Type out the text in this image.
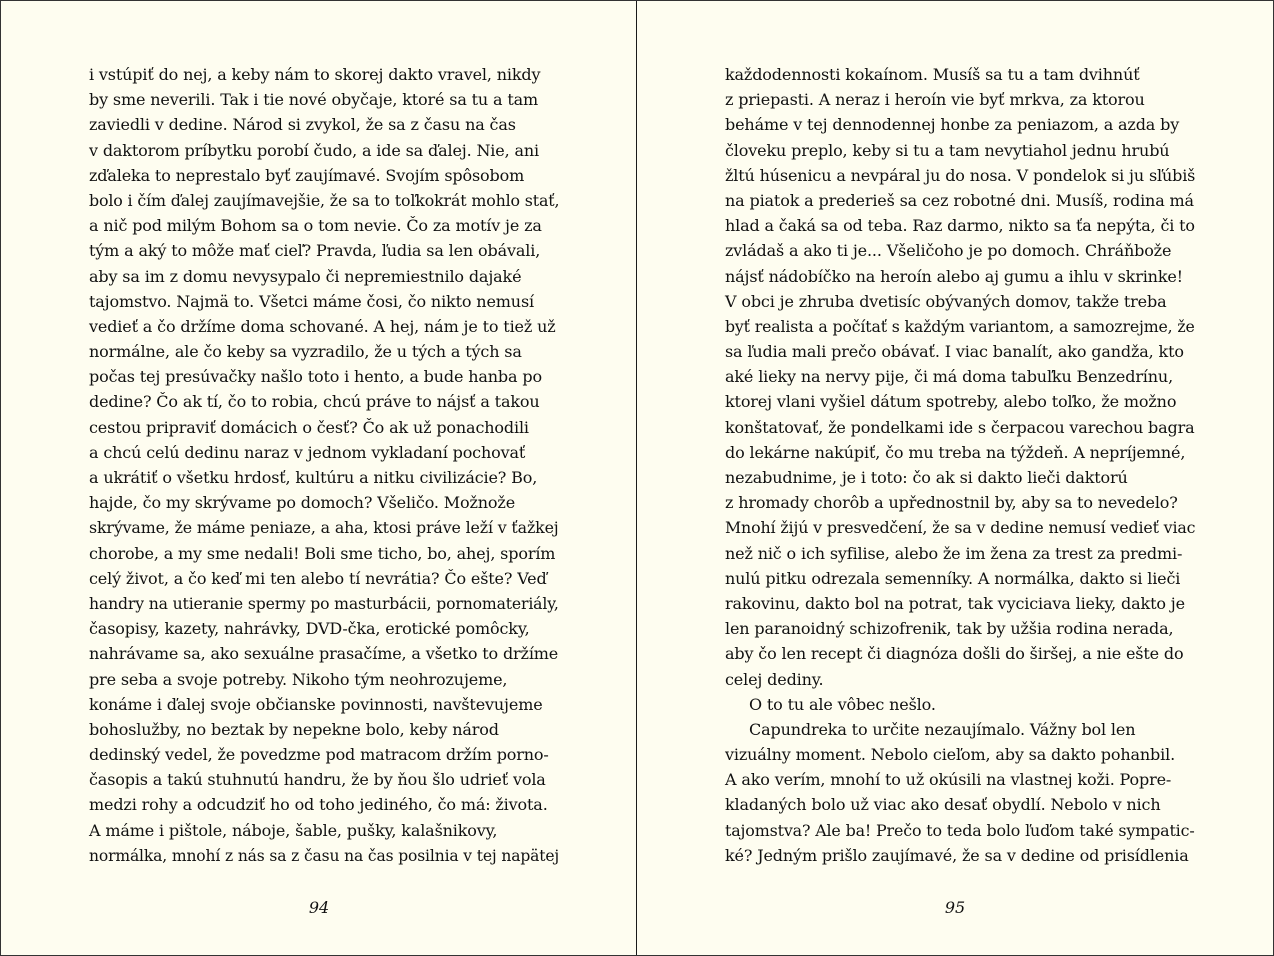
i vstúpiť do nej, a keby nám to skorej dakto vravel, nikdy
by sme neverili. Tak i tie nové obyčaje, ktoré sa tu a tam
zaviedli v dedine. Národ si zvykol, že sa z času na čas
v daktorom príbytku porobí čudo, a ide sa ďalej. Nie, ani
zďaleka to neprestalo byť zaujímavé. Svojím spôsobom
bolo i čím ďalej zaujímavejšie, že sa to toľkokrát mohlo stať,
a nič pod milým Bohom sa o tom nevie. Čo za motív je za
tým a aký to môže mať cieľ? Pravda, ľudia sa len obávali,
aby sa im z domu nevysypalo či nepremiestnilo dajaké
tajomstvo. Najmä to. Všetci máme čosi, čo nikto nemusí
vedieť a čo držíme doma schované. A hej, nám je to tiež už
normálne, ale čo keby sa vyzradilo, že u tých a tých sa
počas tej presúvačky našlo toto i hento, a bude hanba po
dedine? Čo ak tí, čo to robia, chcú práve to nájsť a takou
cestou pripraviť domácich o česť? Čo ak už ponachodili
a chcú celú dedinu naraz v jednom vykladaní pochovať
a ukrátiť o všetku hrdosť, kultúru a nitku civilizácie? Bo,
hajde, čo my skrývame po domoch? Všeličo. Možnože
skrývame, že máme peniaze, a aha, ktosi práve leží v ťažkej
chorobe, a my sme nedali! Boli sme ticho, bo, ahej, sporím
celý život, a čo keď mi ten alebo tí nevrátia? Čo ešte? Veď
handry na utieranie spermy po masturbácii, pornomateriály,
časopisy, kazety, nahrávky, DVD-čka, erotické pomôcky,
nahrávame sa, ako sexuálne prasačíme, a všetko to držíme
pre seba a svoje potreby. Nikoho tým neohrozujeme,
konáme i ďalej svoje občianske povinnosti, navštevujeme
bohoslužby, no beztak by nepekne bolo, keby národ
dedinský vedel, že povedzme pod matracom držím porno-
časopis a takú stuhnutú handru, že by ňou šlo udrieť vola
medzi rohy a odcudziť ho od toho jediného, čo má: života.
A máme i pištole, náboje, šable, pušky, kalašnikovy,
normálka, mnohí z nás sa z času na čas posilnia v tej napätej
94
každodennosti kokaínom. Musíš sa tu a tam dvihnúť
z priepasti. A neraz i heroín vie byť mrkva, za ktorou
beháme v tej dennodennej honbe za peniazom, a azda by
človeku preplo, keby si tu a tam nevytiahol jednu hrubú
žltú húsenicu a nevpáral ju do nosa. V pondelok si ju sľúbiš
na piatok a prederieš sa cez robotné dni. Musíš, rodina má
hlad a čaká sa od teba. Raz darmo, nikto sa ťa nepýta, či to
zvládaš a ako ti je... Všeličoho je po domoch. Chráňbože
nájsť nádobíčko na heroín alebo aj gumu a ihlu v skrinke!
V obci je zhruba dvetisíc obývaných domov, takže treba
byť realista a počítať s každým variantom, a samozrejme, že
sa ľudia mali prečo obávať. I viac banalít, ako gandža, kto
aké lieky na nervy pije, či má doma tabuľku Benzedrínu,
ktorej vlani vyšiel dátum spotreby, alebo toľko, že možno
konštatovať, že pondelkami ide s čerpacou varechou bagra
do lekárne nakúpiť, čo mu treba na týždeň. A nepríjemné,
nezabudnime, je i toto: čo ak si dakto lieči daktorú
z hromady chorôb a upřednostnil by, aby sa to nevedelo?
Mnohí žijú v presvedčení, že sa v dedine nemusí vedieť viac
než nič o ich syfilise, alebo že im žena za trest za predmi-
nulú pitku odrezala semenníky. A normálka, dakto si lieči
rakovinu, dakto bol na potrat, tak vyciciava lieky, dakto je
len paranoidný schizofrenik, tak by užšia rodina nerada,
aby čo len recept či diagnóza došli do širšej, a nie ešte do
celej dediny.
O to tu ale vôbec nešlo.
Capundreka to určite nezaujímalo. Vážny bol len
vizuálny moment. Nebolo cieľom, aby sa dakto pohanbil.
A ako verím, mnohí to už okúsili na vlastnej koži. Popre-
kladaných bolo už viac ako desať obydlí. Nebolo v nich
tajomstva? Ale ba! Prečo to teda bolo ľuďom také sympatic-
ké? Jedným prišlo zaujímavé, že sa v dedine od prisídlenia
95
